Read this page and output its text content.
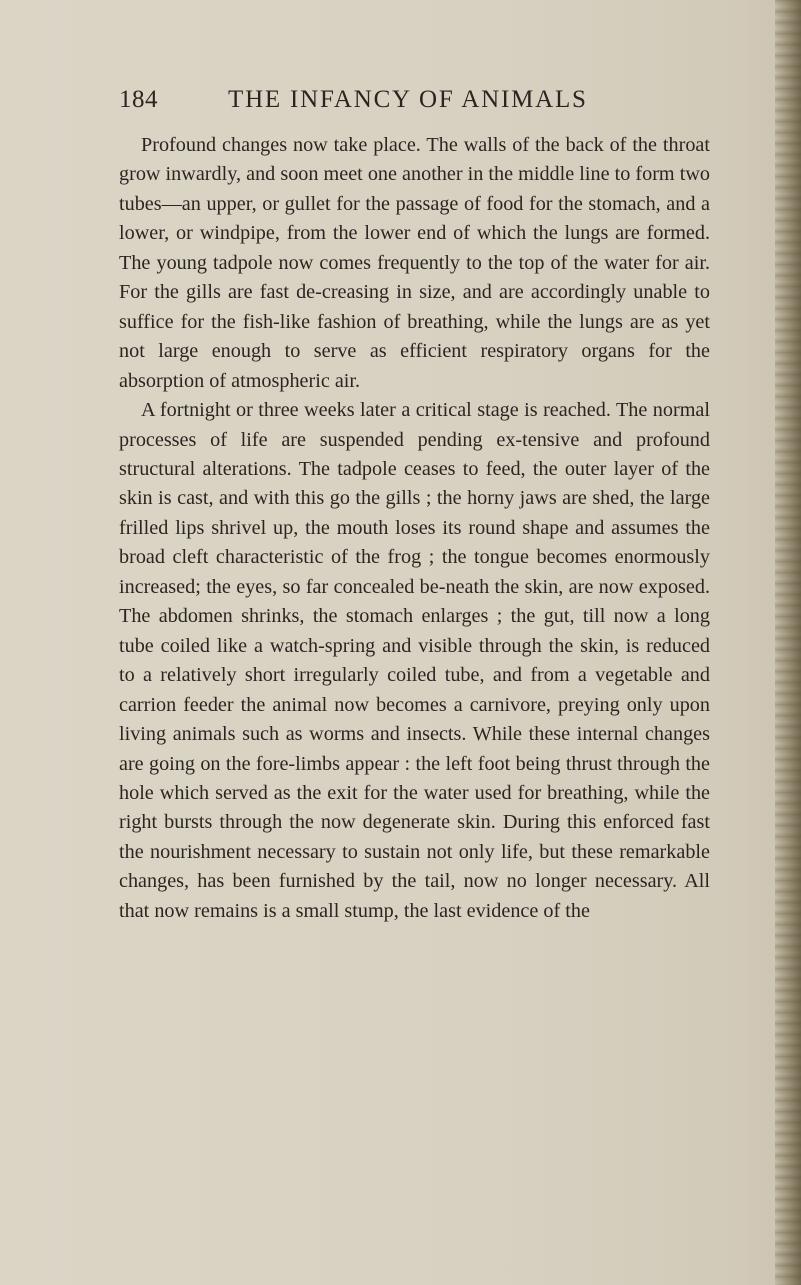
184	THE INFANCY OF ANIMALS

Profound changes now take place. The walls of the back of the throat grow inwardly, and soon meet one another in the middle line to form two tubes—an upper, or gullet for the passage of food for the stomach, and a lower, or windpipe, from the lower end of which the lungs are formed. The young tadpole now comes frequently to the top of the water for air. For the gills are fast de-creasing in size, and are accordingly unable to suffice for the fish-like fashion of breathing, while the lungs are as yet not large enough to serve as efficient respiratory organs for the absorption of atmospheric air.

A fortnight or three weeks later a critical stage is reached. The normal processes of life are suspended pending ex-tensive and profound structural alterations. The tadpole ceases to feed, the outer layer of the skin is cast, and with this go the gills ; the horny jaws are shed, the large frilled lips shrivel up, the mouth loses its round shape and assumes the broad cleft characteristic of the frog ; the tongue becomes enormously increased; the eyes, so far concealed be-neath the skin, are now exposed. The abdomen shrinks, the stomach enlarges ; the gut, till now a long tube coiled like a watch-spring and visible through the skin, is reduced to a relatively short irregularly coiled tube, and from a vegetable and carrion feeder the animal now becomes a carnivore, preying only upon living animals such as worms and insects. While these internal changes are going on the fore-limbs appear : the left foot being thrust through the hole which served as the exit for the water used for breathing, while the right bursts through the now degenerate skin. During this enforced fast the nourishment necessary to sustain not only life, but these remarkable changes, has been furnished by the tail, now no longer necessary. All that now remains is a small stump, the last evidence of the
